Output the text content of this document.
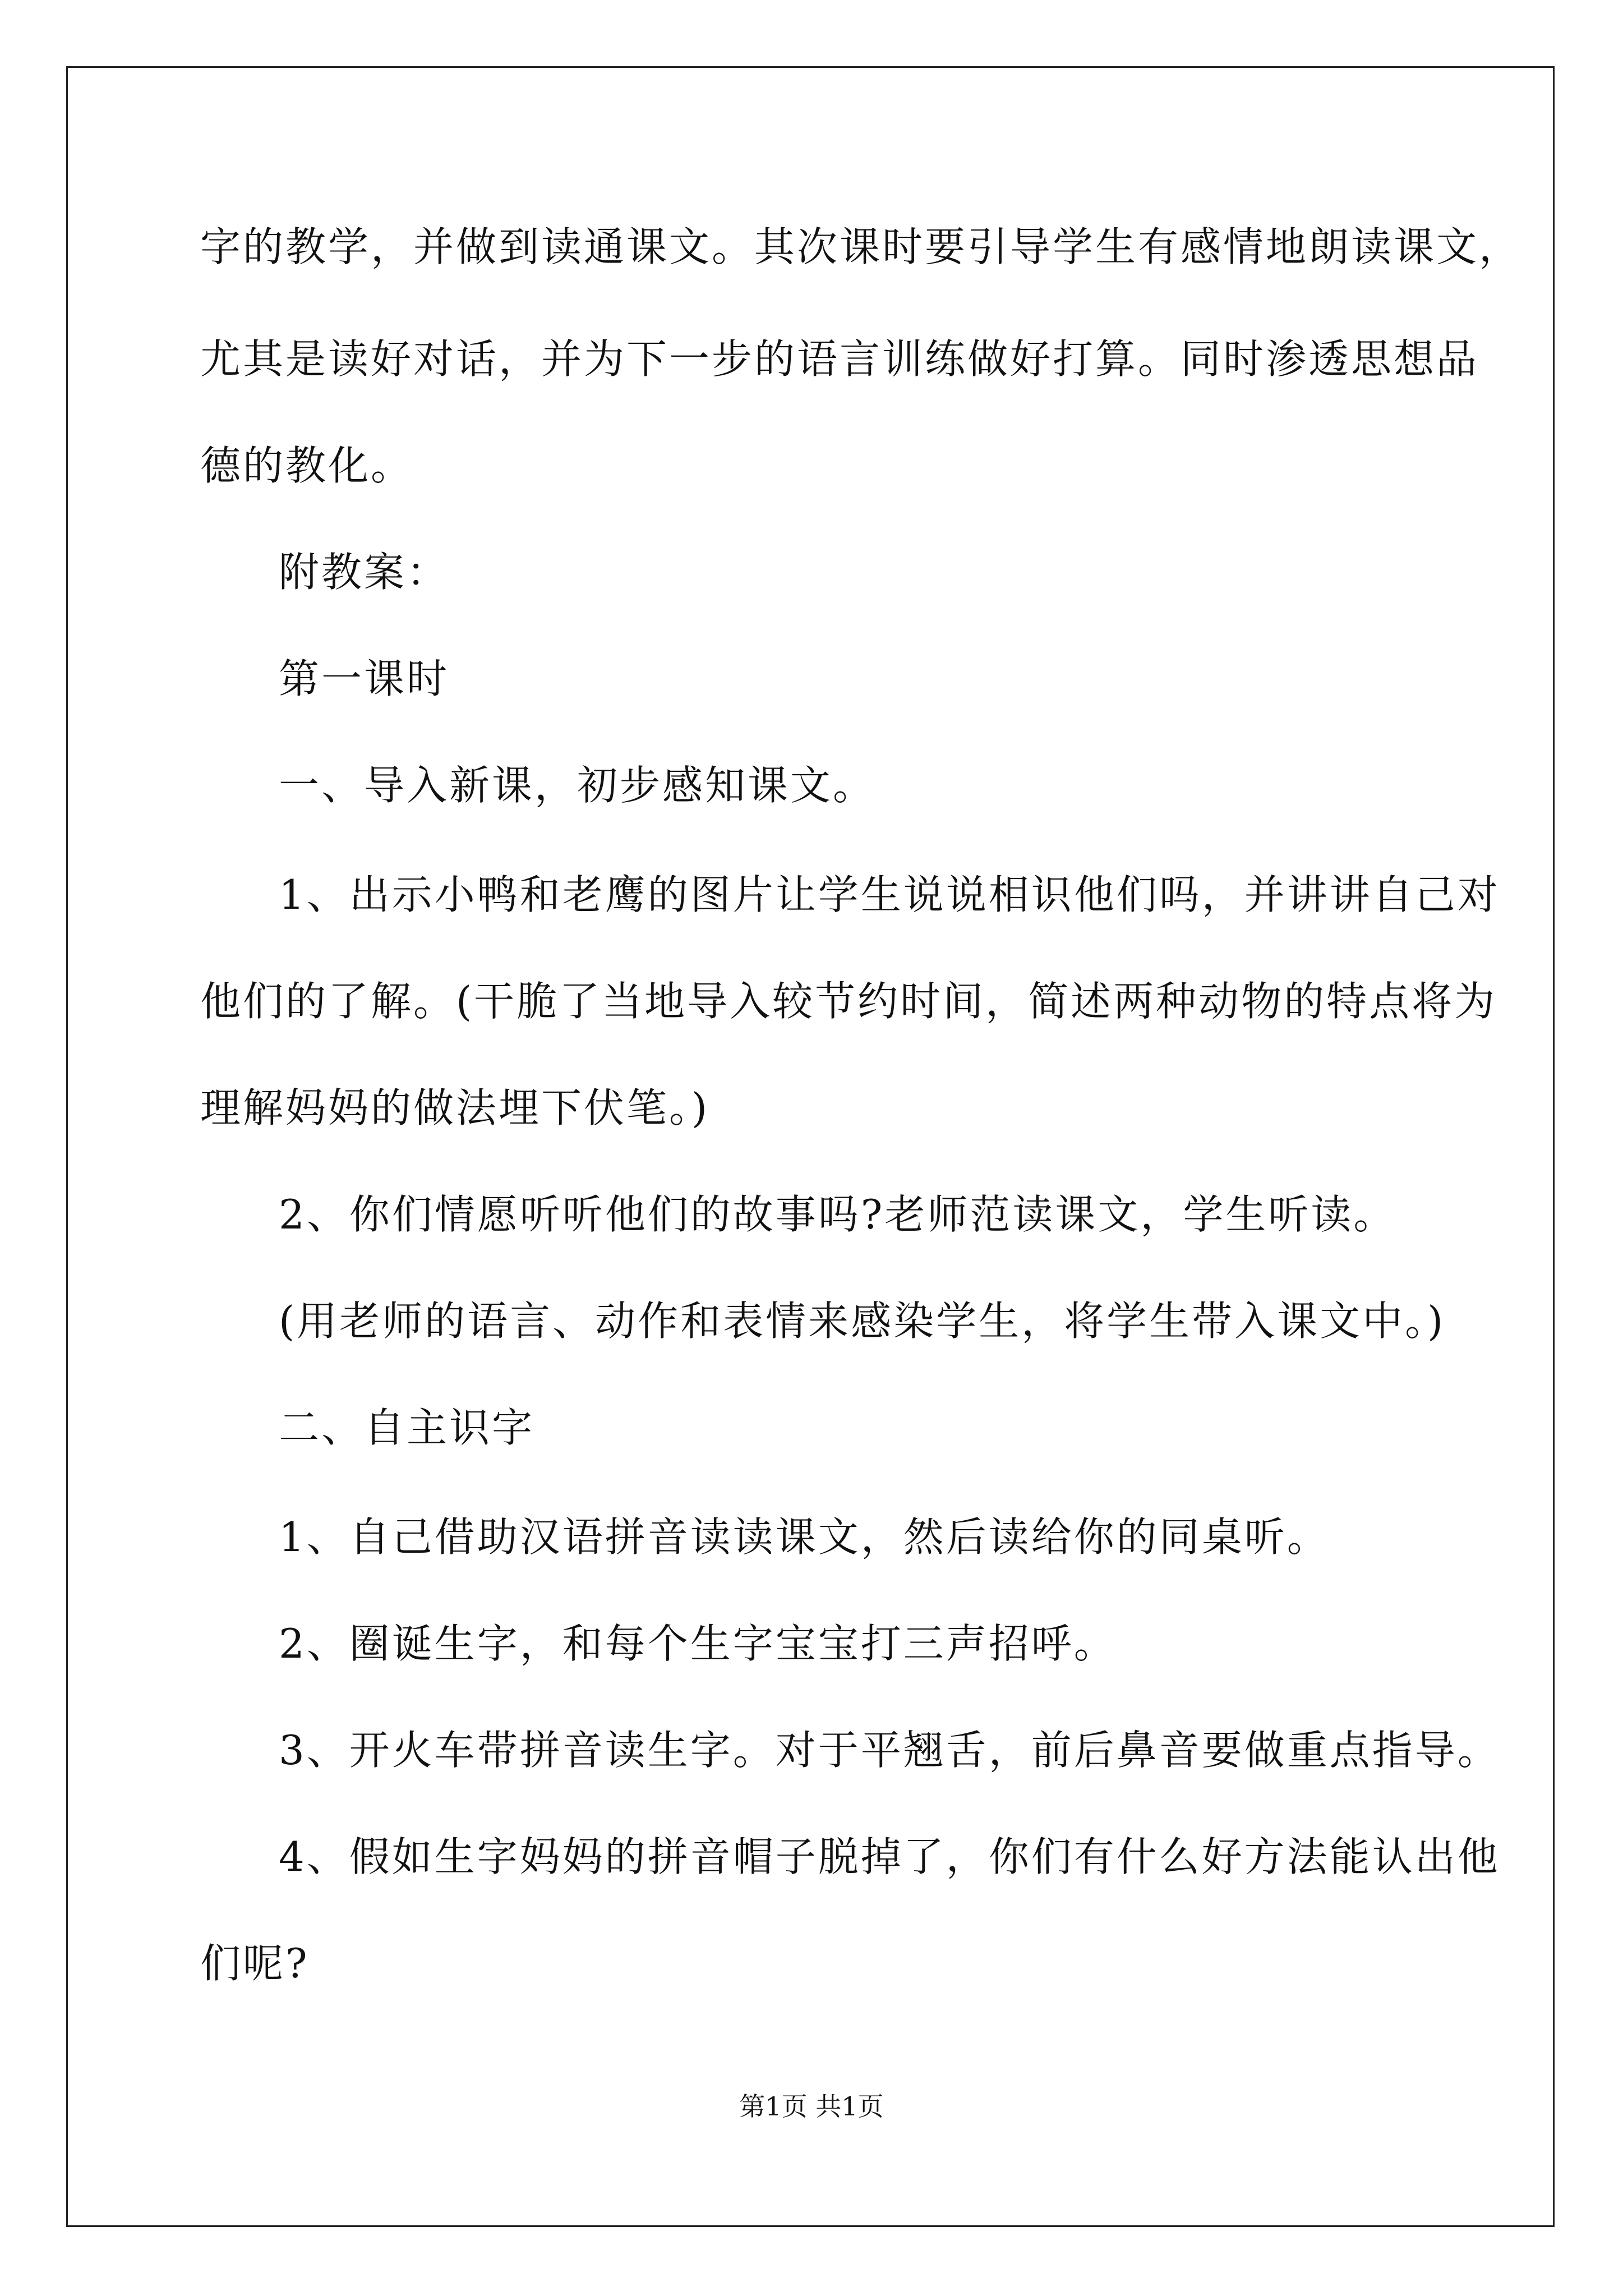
字的教学，并做到读通课文。其次课时要引导学生有感情地朗读课文，
尤其是读好对话，并为下一步的语言训练做好打算。同时渗透思想品
德的教化。
附教案：
第一课时
一、导入新课，初步感知课文。
1、出示小鸭和老鹰的图片让学生说说相识他们吗，并讲讲自己对
他们的了解。(干脆了当地导入较节约时间，简述两种动物的特点将为
理解妈妈的做法埋下伏笔。)
2、你们情愿听听他们的故事吗?老师范读课文，学生听读。
(用老师的语言、动作和表情来感染学生，将学生带入课文中。)
二、自主识字
1、自己借助汉语拼音读读课文，然后读给你的同桌听。
2、圈诞生字，和每个生字宝宝打三声招呼。
3、开火车带拼音读生字。对于平翘舌，前后鼻音要做重点指导。
4、假如生字妈妈的拼音帽子脱掉了，你们有什么好方法能认出他
们呢?
第1页 共1页
